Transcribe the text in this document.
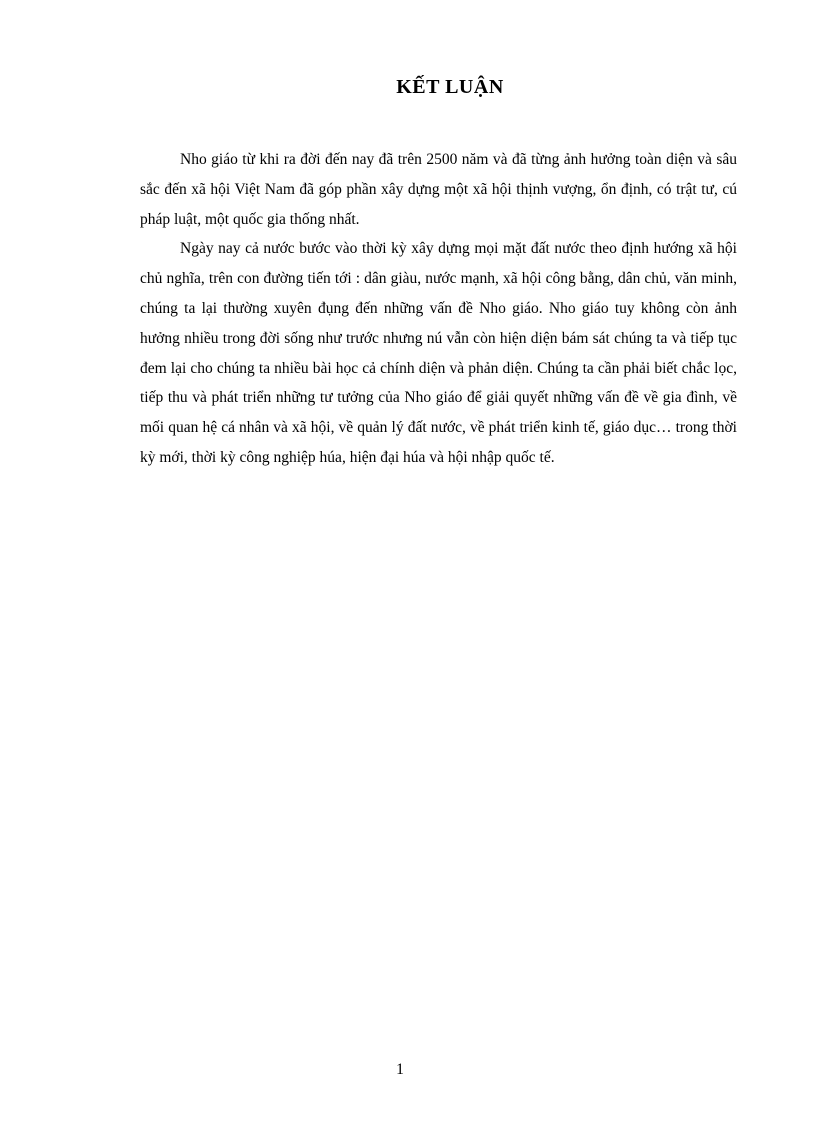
KẾT LUẬN

Nho giáo từ khi ra đời đến nay đã trên 2500 năm và đã từng ảnh hưởng toàn diện và sâu sắc đến xã hội Việt Nam đã góp phần xây dựng một xã hội thịnh vượng, ổn định, có trật tư, cú pháp luật, một quốc gia thống nhất.

Ngày nay cả nước bước vào thời kỳ xây dựng mọi mặt đất nước theo định hướng xã hội chủ nghĩa, trên con đường tiến tới : dân giàu, nước mạnh, xã hội công bằng, dân chủ, văn minh, chúng ta lại thường xuyên đụng đến những vấn đề Nho giáo. Nho giáo tuy không còn ảnh hưởng nhiều trong đời sống như trước nhưng nú vẫn còn hiện diện bám sát chúng ta và tiếp tục đem lại cho chúng ta nhiều bài học cả chính diện và phản diện. Chúng ta cần phải biết chắc lọc, tiếp thu và phát triển những tư tưởng của Nho giáo để giải quyết những vấn đề về gia đình, về mối quan hệ cá nhân và xã hội, về quản lý đất nước, về phát triển kinh tế, giáo dục… trong thời kỳ mới, thời kỳ công nghiệp húa, hiện đại húa và hội nhập quốc tế.

1
